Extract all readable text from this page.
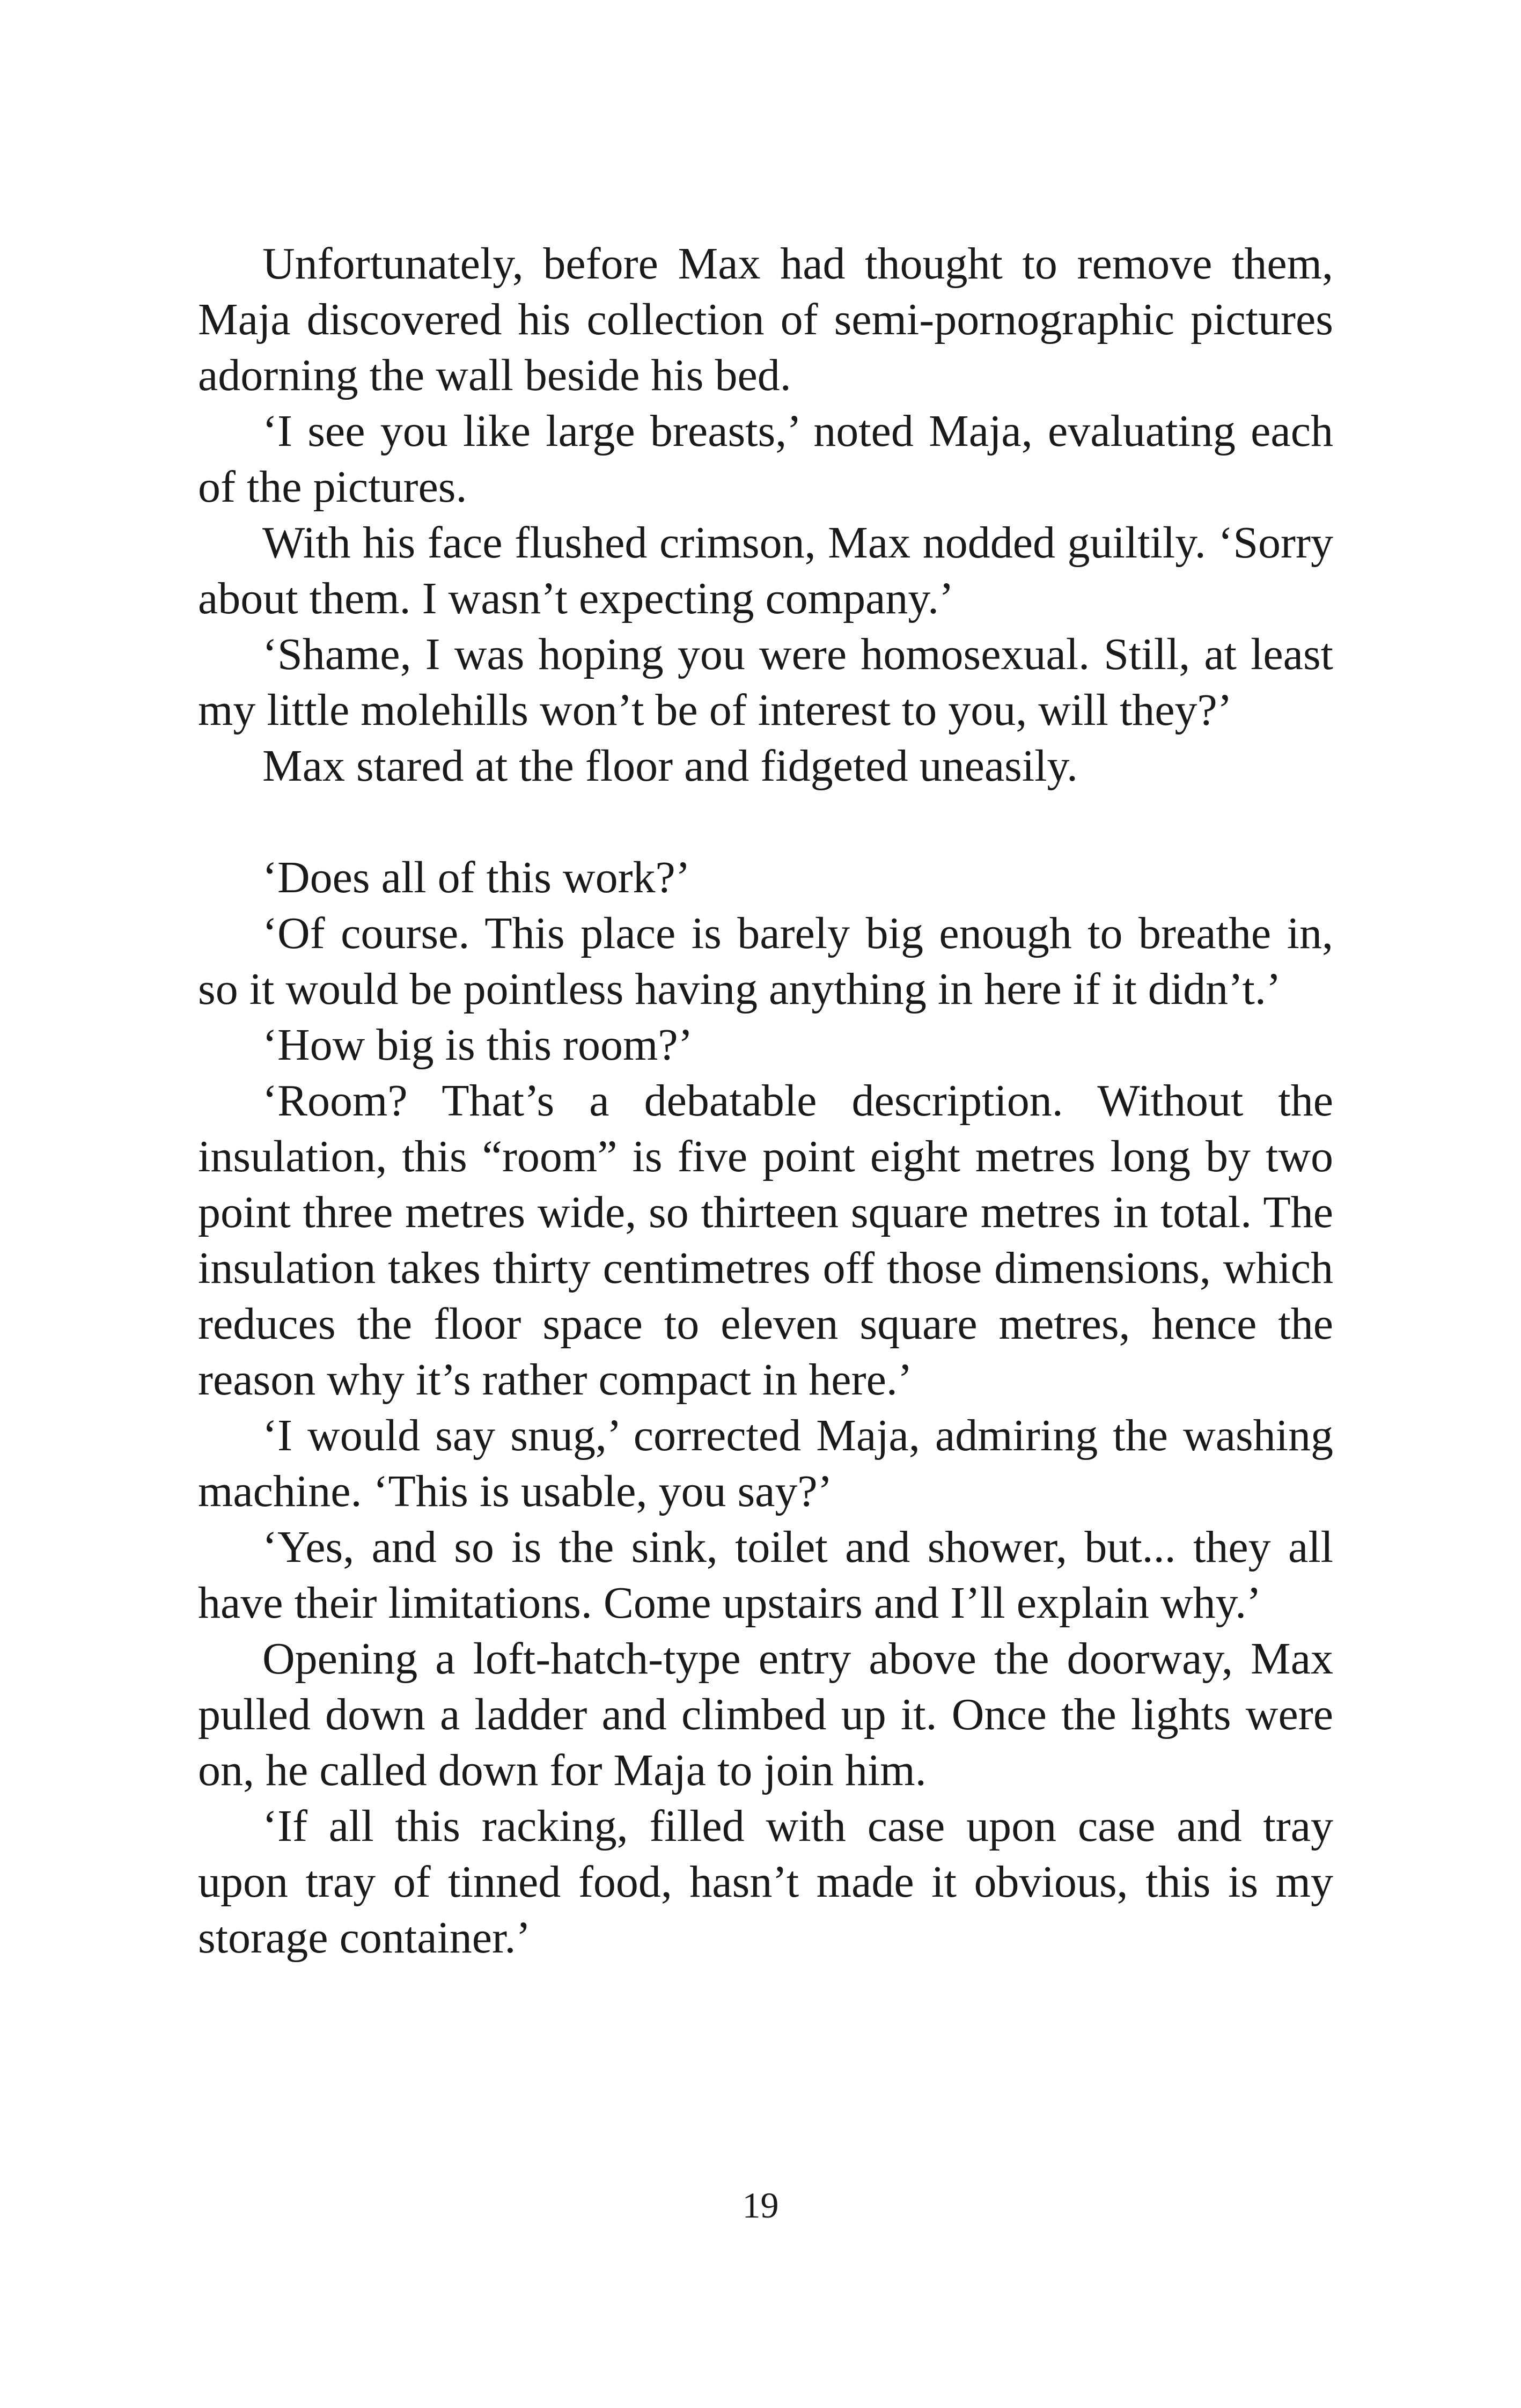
Unfortunately, before Max had thought to remove them, Maja discovered his collection of semi-pornographic pictures adorning the wall beside his bed.

‘I see you like large breasts,’ noted Maja, evaluating each of the pictures.

With his face flushed crimson, Max nodded guiltily. ‘Sorry about them. I wasn’t expecting company.’

‘Shame, I was hoping you were homosexual. Still, at least my little molehills won’t be of interest to you, will they?’

Max stared at the floor and fidgeted uneasily.

‘Does all of this work?’

‘Of course. This place is barely big enough to breathe in, so it would be pointless having anything in here if it didn’t.’

‘How big is this room?’

‘Room? That’s a debatable description. Without the insulation, this “room” is five point eight metres long by two point three metres wide, so thirteen square metres in total. The insulation takes thirty centimetres off those dimensions, which reduces the floor space to eleven square metres, hence the reason why it’s rather compact in here.’

‘I would say snug,’ corrected Maja, admiring the washing machine. ‘This is usable, you say?’

‘Yes, and so is the sink, toilet and shower, but... they all have their limitations. Come upstairs and I’ll explain why.’

Opening a loft-hatch-type entry above the doorway, Max pulled down a ladder and climbed up it. Once the lights were on, he called down for Maja to join him.

‘If all this racking, filled with case upon case and tray upon tray of tinned food, hasn’t made it obvious, this is my storage container.’

19
